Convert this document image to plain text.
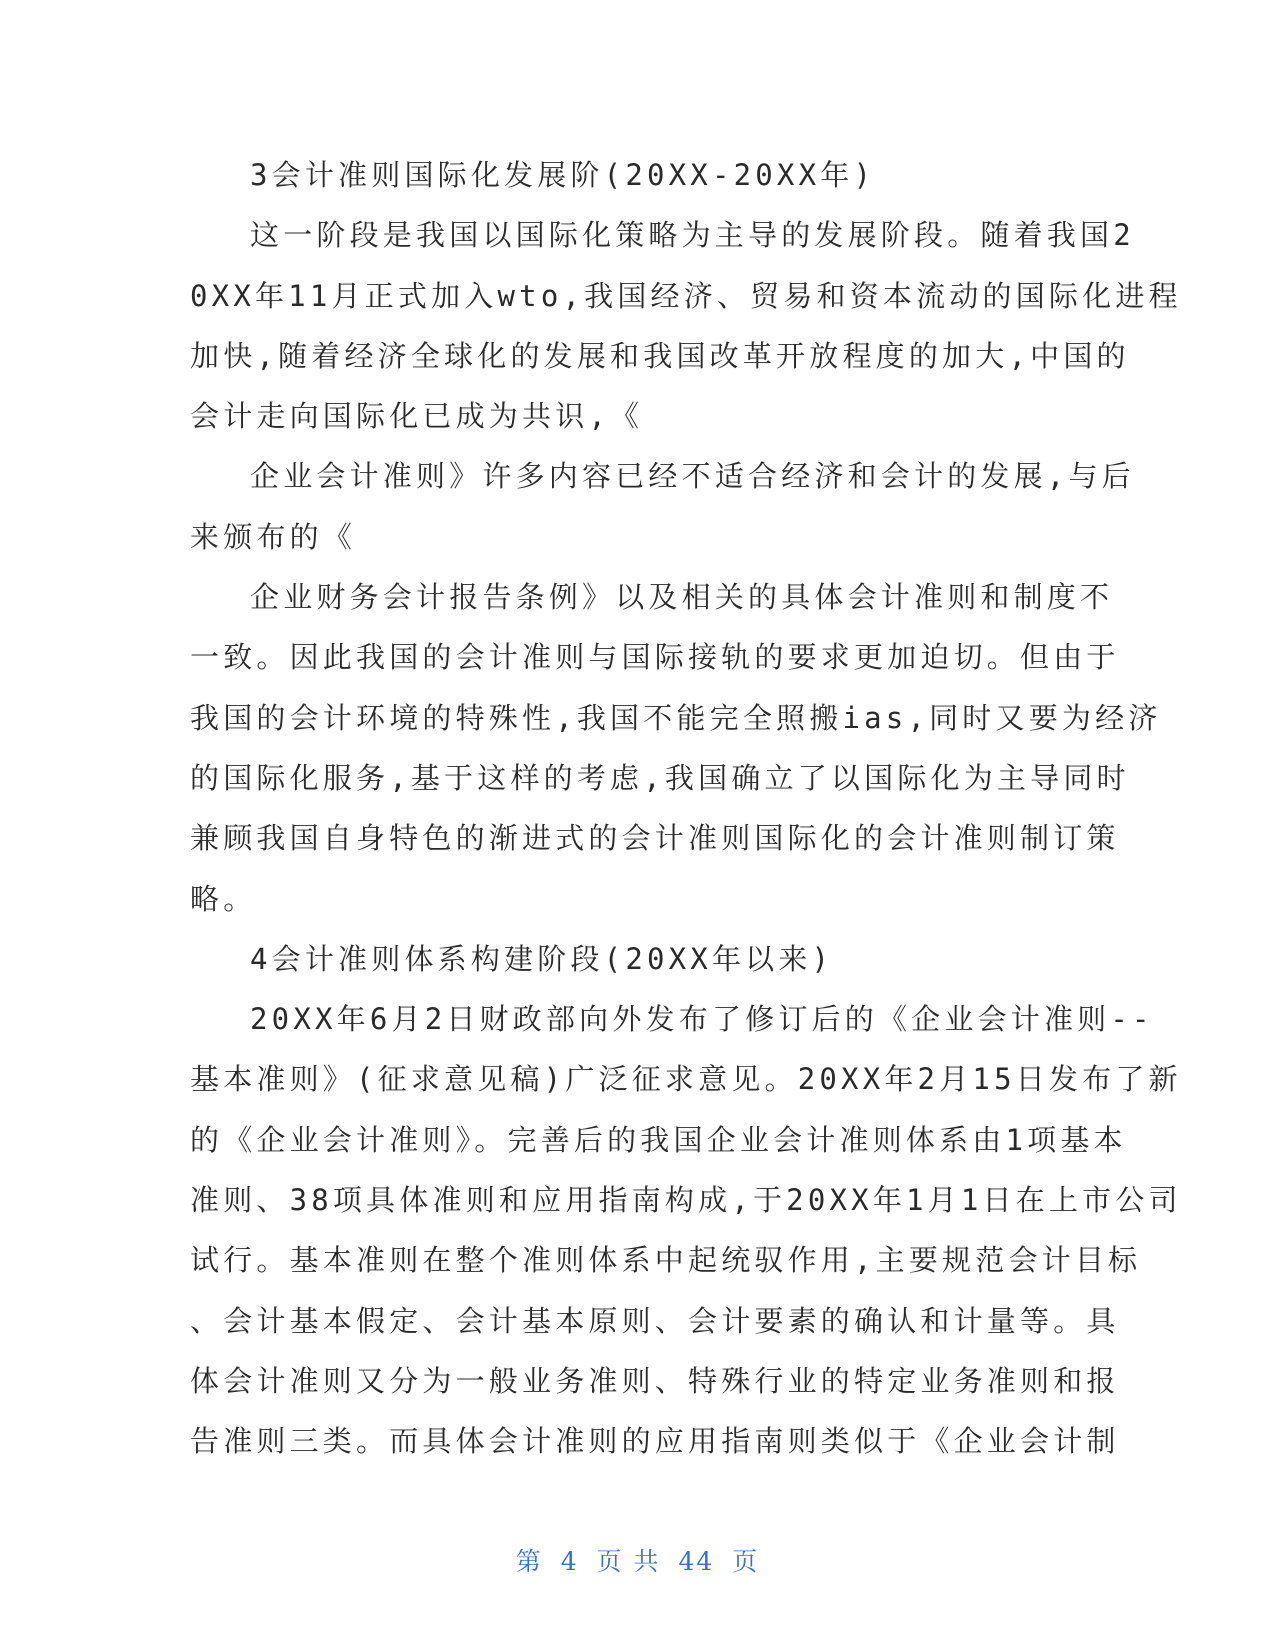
3会计准则国际化发展阶(20XX-20XX年)
这一阶段是我国以国际化策略为主导的发展阶段。随着我国2
0XX年11月正式加入wto,我国经济、贸易和资本流动的国际化进程
加快,随着经济全球化的发展和我国改革开放程度的加大,中国的
会计走向国际化已成为共识,《
企业会计准则》许多内容已经不适合经济和会计的发展,与后
来颁布的《
企业财务会计报告条例》以及相关的具体会计准则和制度不
一致。因此我国的会计准则与国际接轨的要求更加迫切。但由于
我国的会计环境的特殊性,我国不能完全照搬ias,同时又要为经济
的国际化服务,基于这样的考虑,我国确立了以国际化为主导同时
兼顾我国自身特色的渐进式的会计准则国际化的会计准则制订策
略。
4会计准则体系构建阶段(20XX年以来)
20XX年6月2日财政部向外发布了修订后的《企业会计准则--
基本准则》(征求意见稿)广泛征求意见。20XX年2月15日发布了新
的《企业会计准则》。完善后的我国企业会计准则体系由1项基本
准则、38项具体准则和应用指南构成,于20XX年1月1日在上市公司
试行。基本准则在整个准则体系中起统驭作用,主要规范会计目标
、会计基本假定、会计基本原则、会计要素的确认和计量等。具
体会计准则又分为一般业务准则、特殊行业的特定业务准则和报
告准则三类。而具体会计准则的应用指南则类似于《企业会计制
第 4 页 共 44 页
